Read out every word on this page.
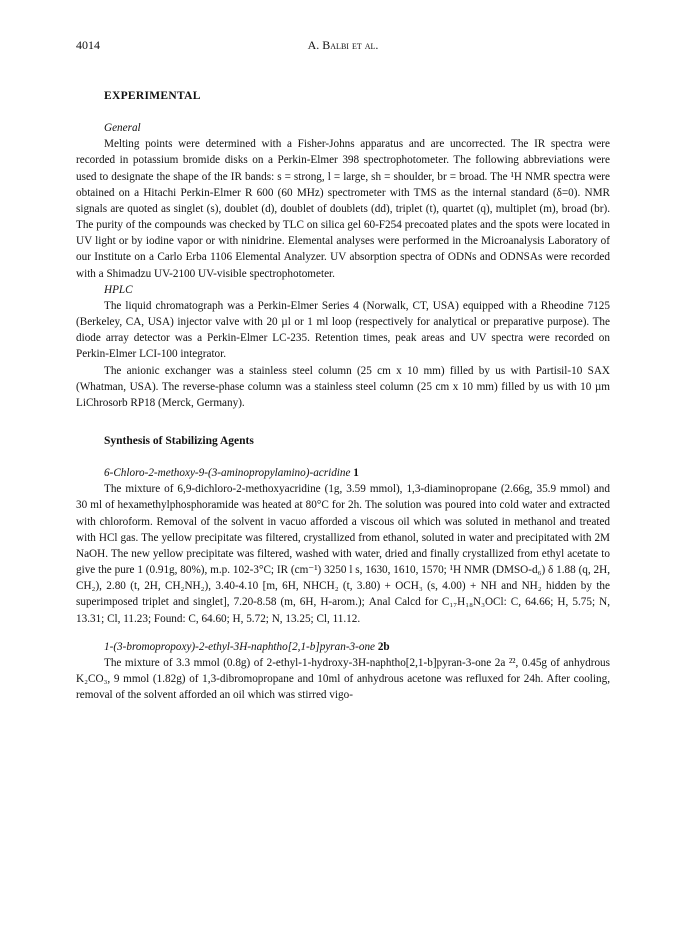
4014	A. Balbi et al.
EXPERIMENTAL
General

Melting points were determined with a Fisher-Johns apparatus and are uncorrected. The IR spectra were recorded in potassium bromide disks on a Perkin-Elmer 398 spectrophotometer. The following abbreviations were used to designate the shape of the IR bands: s = strong, l = large, sh = shoulder, br = broad. The ¹H NMR spectra were obtained on a Hitachi Perkin-Elmer R 600 (60 MHz) spectrometer with TMS as the internal standard (δ=0). NMR signals are quoted as singlet (s), doublet (d), doublet of doublets (dd), triplet (t), quartet (q), multiplet (m), broad (br). The purity of the compounds was checked by TLC on silica gel 60-F254 precoated plates and the spots were located in UV light or by iodine vapor or with ninidrine. Elemental analyses were performed in the Microanalysis Laboratory of our Institute on a Carlo Erba 1106 Elemental Analyzer. UV absorption spectra of ODNs and ODNSAs were recorded with a Shimadzu UV-2100 UV-visible spectrophotometer.

HPLC

The liquid chromatograph was a Perkin-Elmer Series 4 (Norwalk, CT, USA) equipped with a Rheodine 7125 (Berkeley, CA, USA) injector valve with 20 µl or 1 ml loop (respectively for analytical or preparative purpose). The diode array detector was a Perkin-Elmer LC-235. Retention times, peak areas and UV spectra were recorded on Perkin-Elmer LCI-100 integrator.

The anionic exchanger was a stainless steel column (25 cm x 10 mm) filled by us with Partisil-10 SAX (Whatman, USA). The reverse-phase column was a stainless steel column (25 cm x 10 mm) filled by us with 10 µm LiChrosorb RP18 (Merck, Germany).

Synthesis of Stabilizing Agents
6-Chloro-2-methoxy-9-(3-aminopropylamino)-acridine 1

The mixture of 6,9-dichloro-2-methoxyacridine (1g, 3.59 mmol), 1,3-diaminopropane (2.66g, 35.9 mmol) and 30 ml of hexamethylphosphoramide was heated at 80°C for 2h. The solution was poured into cold water and extracted with chloroform. Removal of the solvent in vacuo afforded a viscous oil which was soluted in methanol and treated with HCl gas. The yellow precipitate was filtered, crystallized from ethanol, soluted in water and precipitated with 2M NaOH. The new yellow precipitate was filtered, washed with water, dried and finally crystallized from ethyl acetate to give the pure 1 (0.91g, 80%), m.p. 102-3°C; IR (cm⁻¹) 3250 l s, 1630, 1610, 1570; ¹H NMR (DMSO-d₆) δ 1.88 (q, 2H, CH₂), 2.80 (t, 2H, CH₂NH₂), 3.40-4.10 [m, 6H, NHCH₂ (t, 3.80) + OCH₃ (s, 4.00) + NH and NH₂ hidden by the superimposed triplet and singlet], 7.20-8.58 (m, 6H, H-arom.); Anal Calcd for C₁₇H₁₈N₃OCl: C, 64.66; H, 5.75; N, 13.31; Cl, 11.23; Found: C, 64.60; H, 5.72; N, 13.25; Cl, 11.12.

1-(3-bromopropoxy)-2-ethyl-3H-naphtho[2,1-b]pyran-3-one 2b

The mixture of 3.3 mmol (0.8g) of 2-ethyl-1-hydroxy-3H-naphtho[2,1-b]pyran-3-one 2a ²², 0.45g of anhydrous K₂CO₃, 9 mmol (1.82g) of 1,3-dibromopropane and 10ml of anhydrous acetone was refluxed for 24h. After cooling, removal of the solvent afforded an oil which was stirred vigo-
